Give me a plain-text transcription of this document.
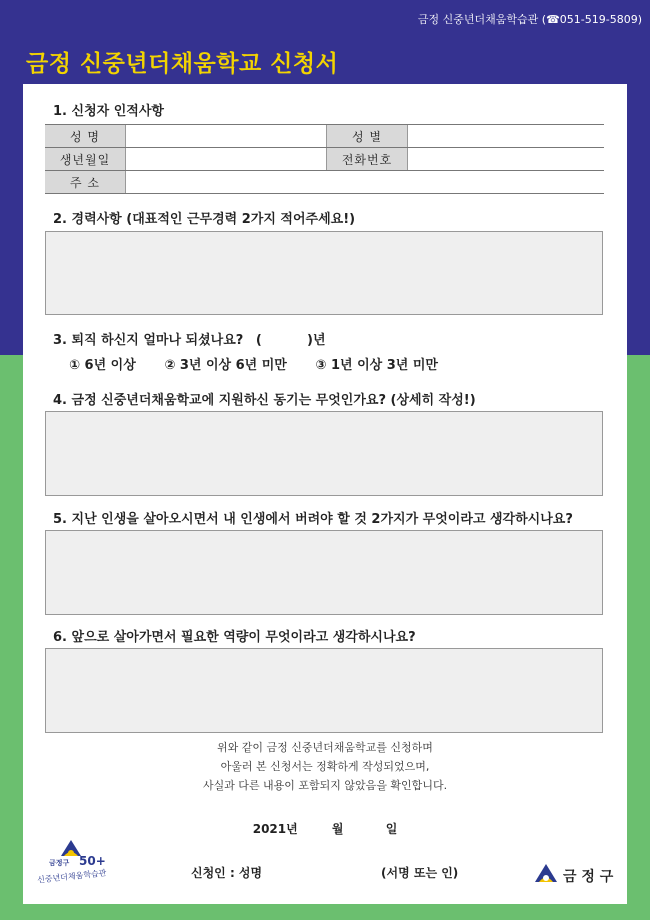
금정 신중년더채움학습관 (☎051-519-5809)
금정 신중년더채움학교 신청서
1. 신청자 인적사항
성 명		성 별	
생년월일		전화번호	
주 소			
2. 경력사항 (대표적인 근무경력 2가지 적어주세요!)
3. 퇴직 하신지 얼마나 되셨나요? (          )년
① 6년 이상 ② 3년 이상 6년 미만 ③ 1년 이상 3년 미만
4. 금정 신중년더채움학교에 지원하신 동기는 무엇인가요? (상세히 작성!)
5. 지난 인생을 살아오시면서 내 인생에서 버려야 할 것 2가지가 무엇이라고 생각하시나요?
6. 앞으로 살아가면서 필요한 역량이 무엇이라고 생각하시나요?
위와 같이 금정 신중년더채움학교를 신청하며
아울러 본 신청서는 정확하게 작성되었으며,
사실과 다른 내용이 포함되지 않았음을 확인합니다.
2021년	월	일
신청인 : 성명	(서명 또는 인)
금정구 50+
신중년더채움학습관	금 정 구
